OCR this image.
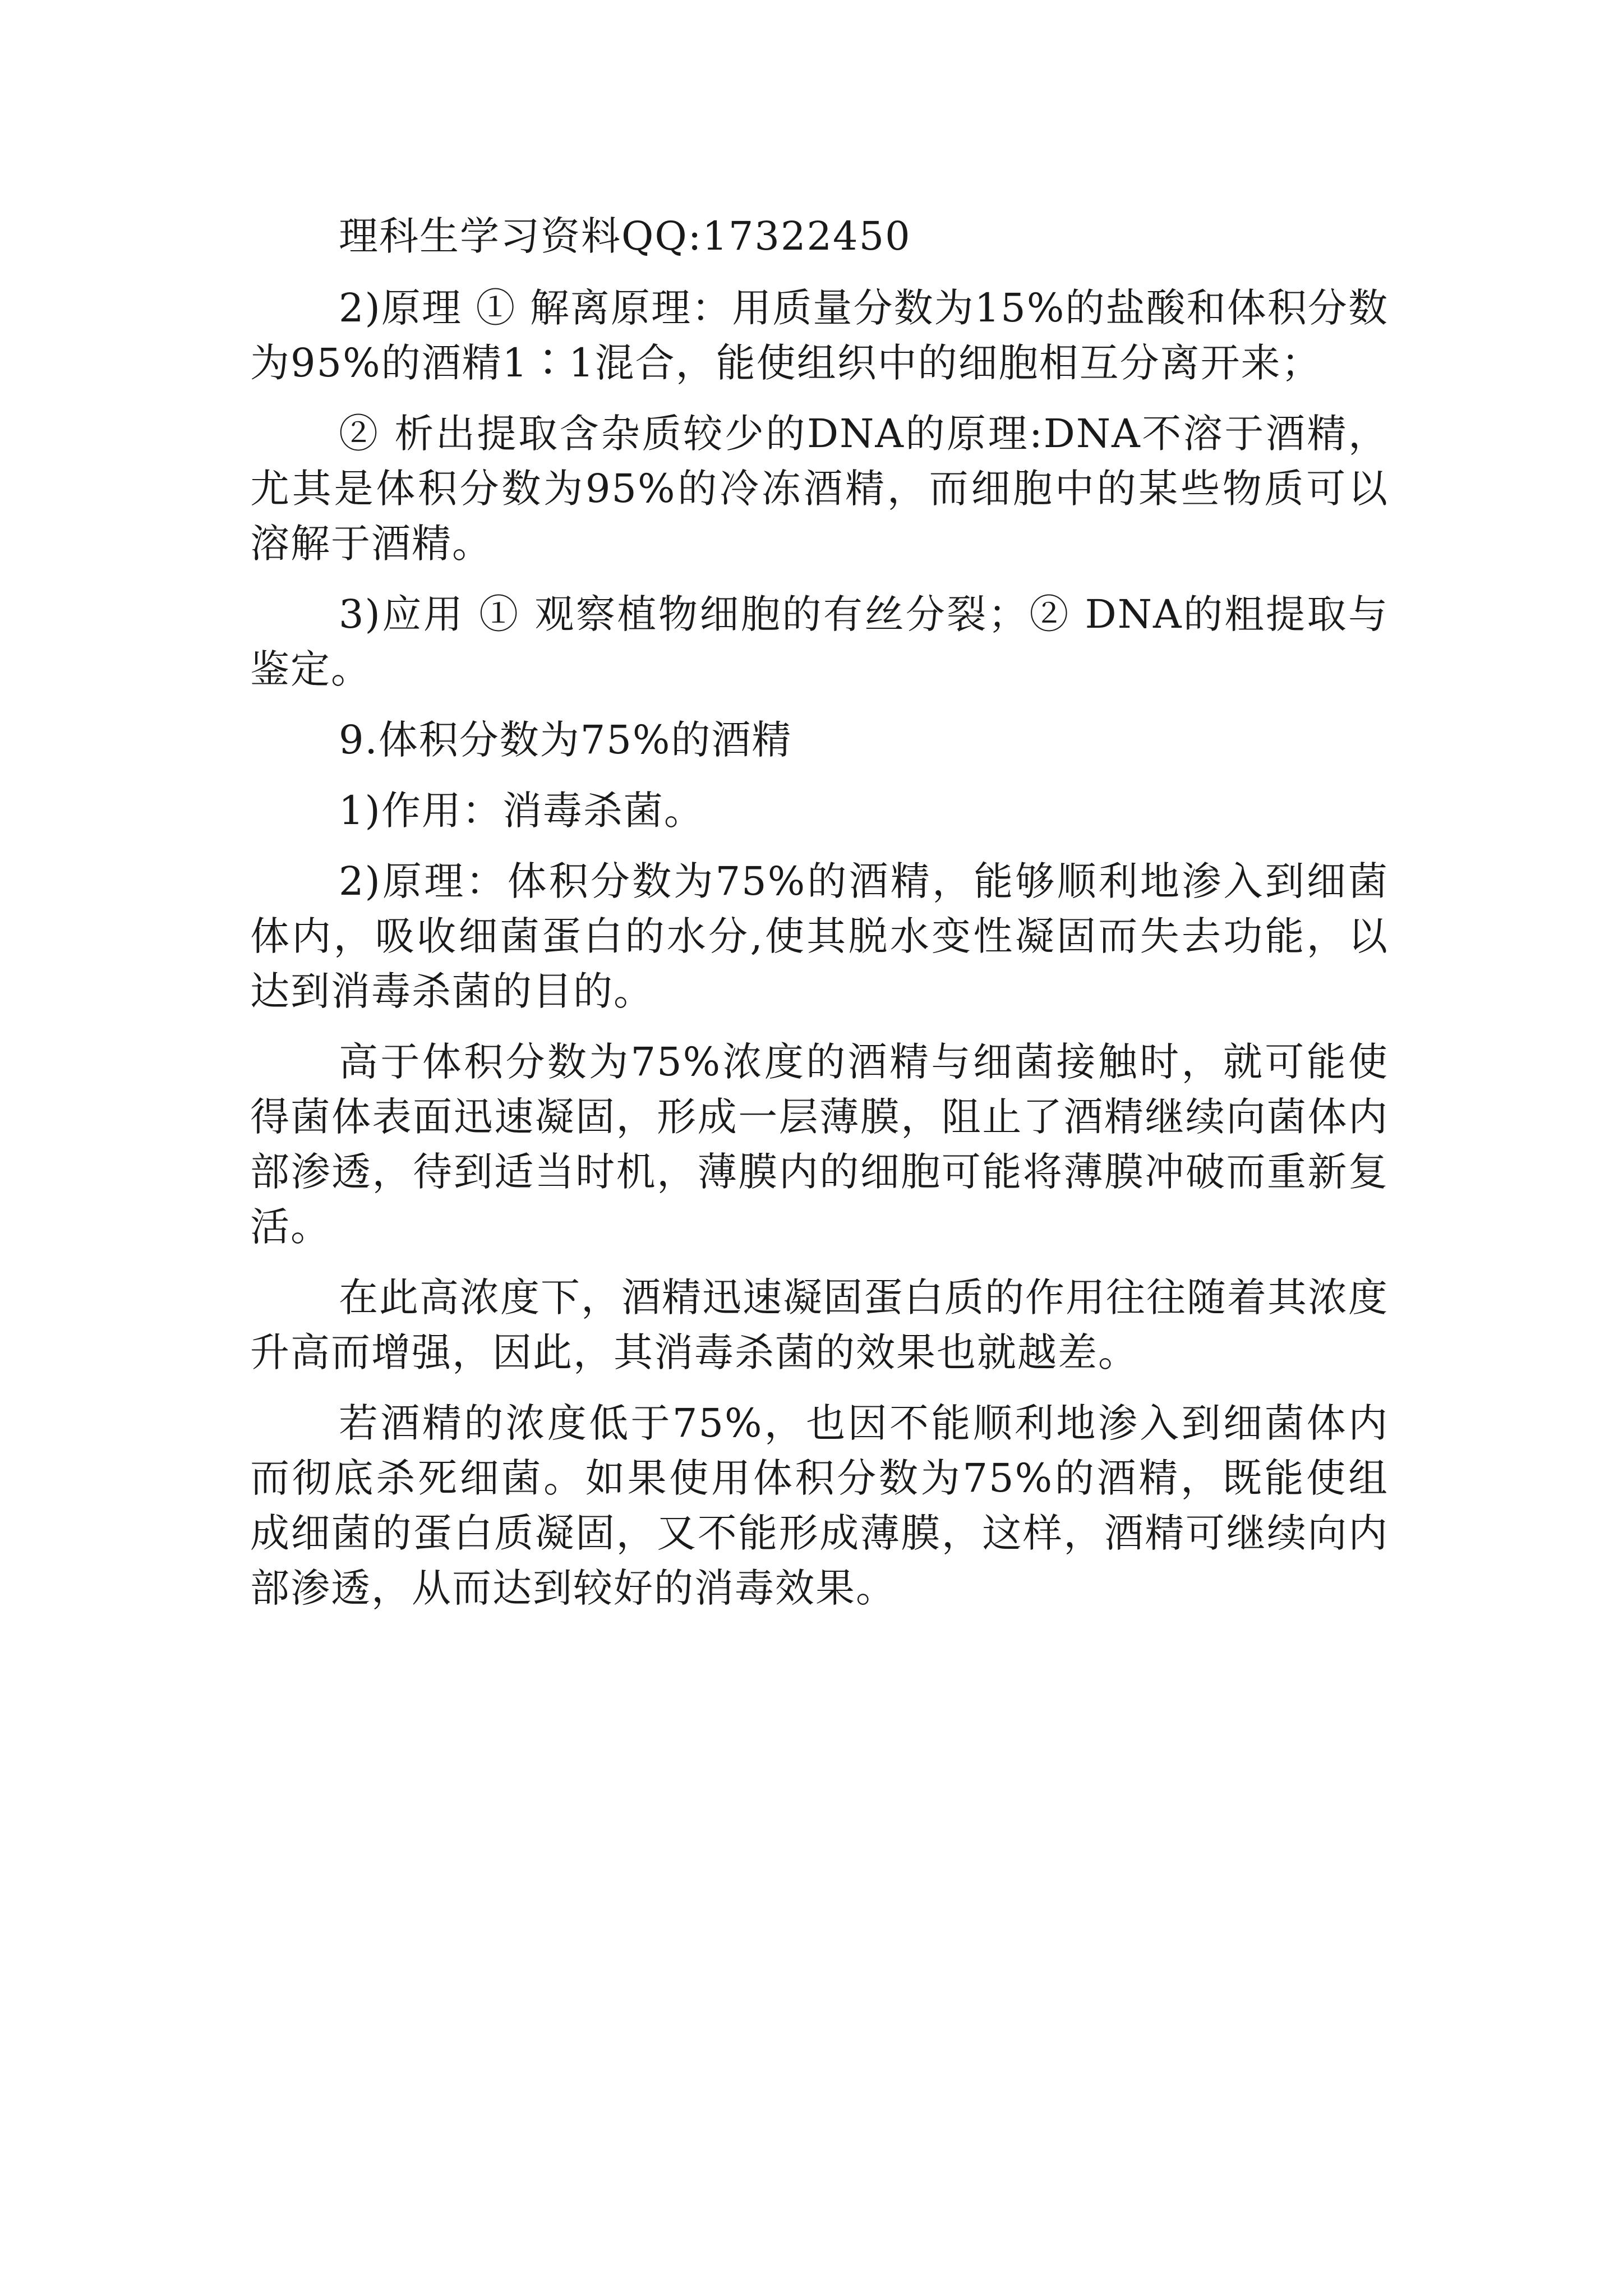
理科生学习资料QQ:17322450

2)原理 ① 解离原理：用质量分数为15%的盐酸和体积分数为95%的酒精1∶1混合，能使组织中的细胞相互分离开来；

② 析出提取含杂质较少的DNA的原理:DNA不溶于酒精，尤其是体积分数为95%的冷冻酒精，而细胞中的某些物质可以溶解于酒精。

3)应用 ① 观察植物细胞的有丝分裂；② DNA的粗提取与鉴定。

9.体积分数为75%的酒精

1)作用：消毒杀菌。

2)原理：体积分数为75%的酒精，能够顺利地渗入到细菌体内，吸收细菌蛋白的水分,使其脱水变性凝固而失去功能，以达到消毒杀菌的目的。

高于体积分数为75%浓度的酒精与细菌接触时，就可能使得菌体表面迅速凝固，形成一层薄膜，阻止了酒精继续向菌体内部渗透，待到适当时机，薄膜内的细胞可能将薄膜冲破而重新复活。

在此高浓度下，酒精迅速凝固蛋白质的作用往往随着其浓度升高而增强，因此，其消毒杀菌的效果也就越差。

若酒精的浓度低于75%，也因不能顺利地渗入到细菌体内而彻底杀死细菌。如果使用体积分数为75%的酒精，既能使组成细菌的蛋白质凝固，又不能形成薄膜，这样，酒精可继续向内部渗透，从而达到较好的消毒效果。
